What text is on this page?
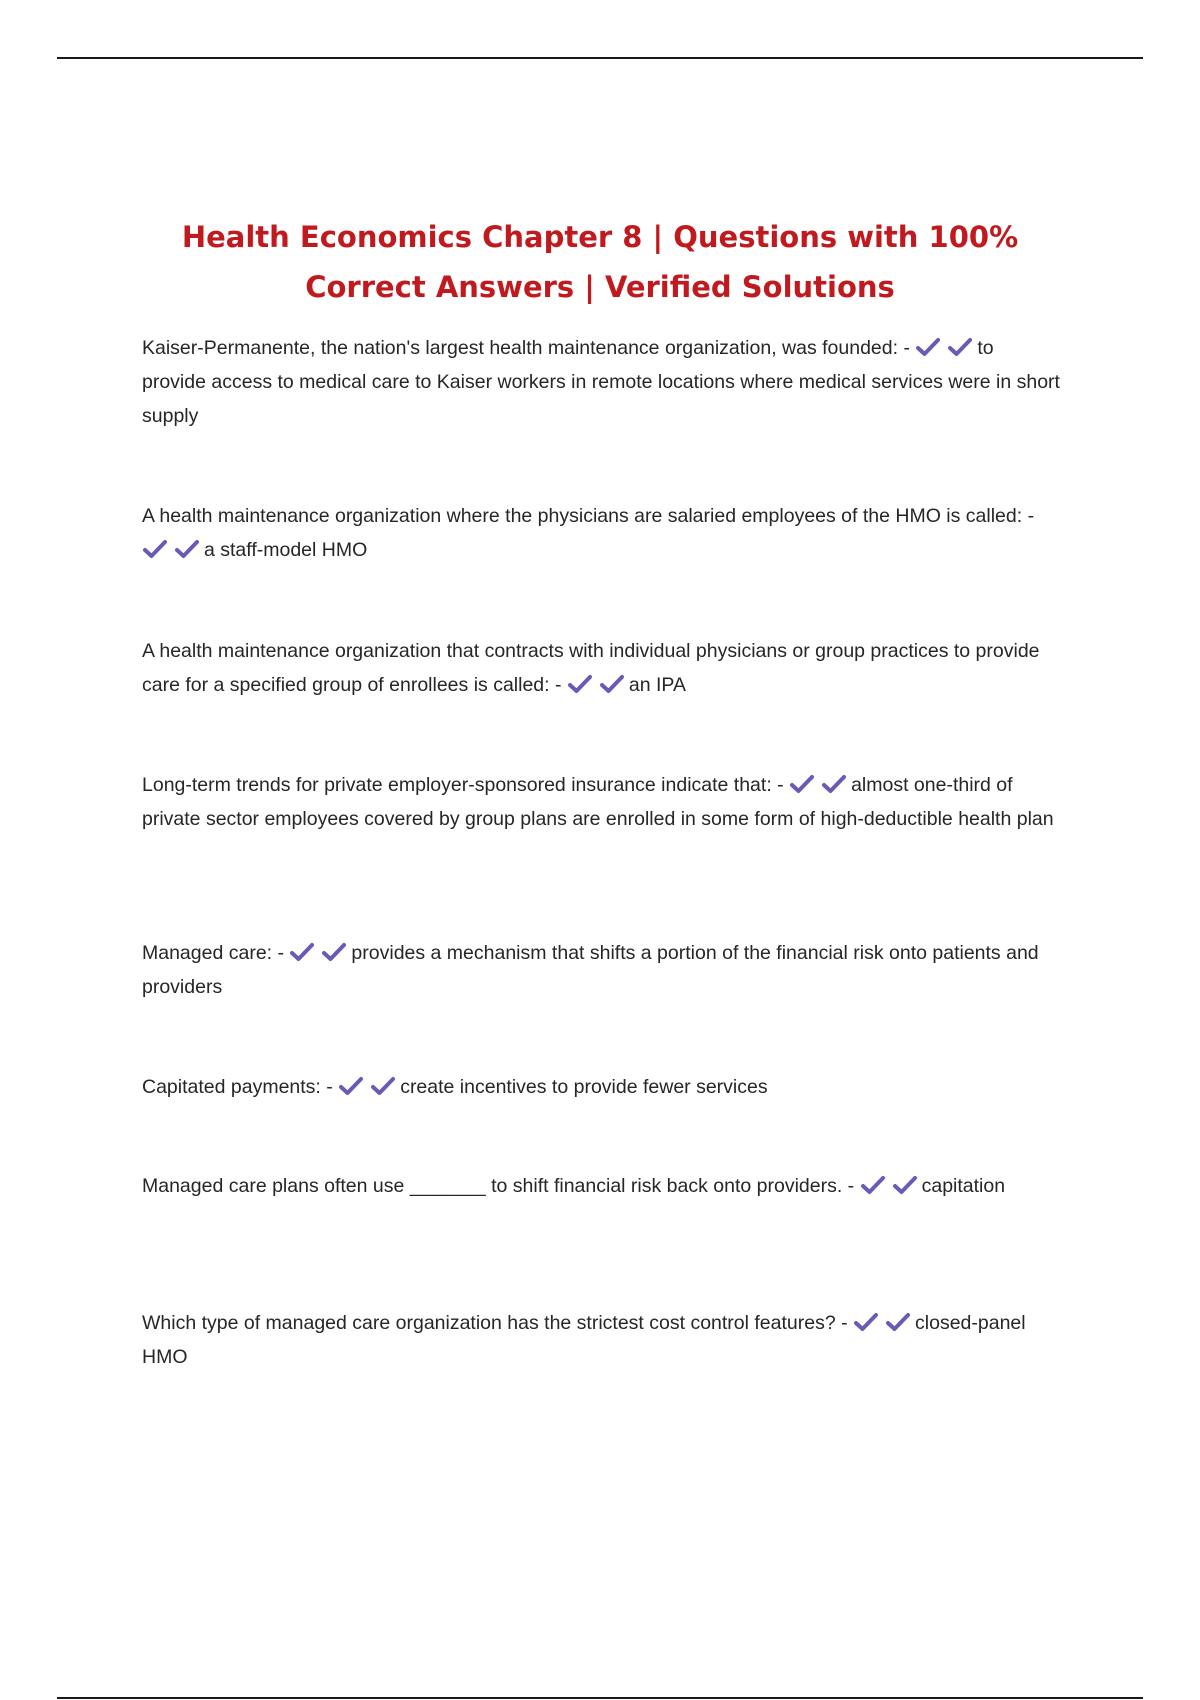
Health Economics Chapter 8 | Questions with 100% Correct Answers | Verified Solutions

Kaiser-Permanente, the nation's largest health maintenance organization, was founded: -	to provide access to medical care to Kaiser workers in remote locations where medical services were in short supply

A health maintenance organization where the physicians are salaried employees of the HMO is called: -
a staff-model HMO

A health maintenance organization that contracts with individual physicians or group practices to provide care for a specified group of enrollees is called: -	an IPA

Long-term trends for private employer-sponsored insurance indicate that: -	almost one-third of private sector employees covered by group plans are enrolled in some form of high-deductible health plan

Managed care: -	provides a mechanism that shifts a portion of the financial risk onto patients and providers

Capitated payments: -	create incentives to provide fewer services

Managed care plans often use _______ to shift financial risk back onto providers. -	capitation

Which type of managed care organization has the strictest cost control features? -	closed-panel HMO
